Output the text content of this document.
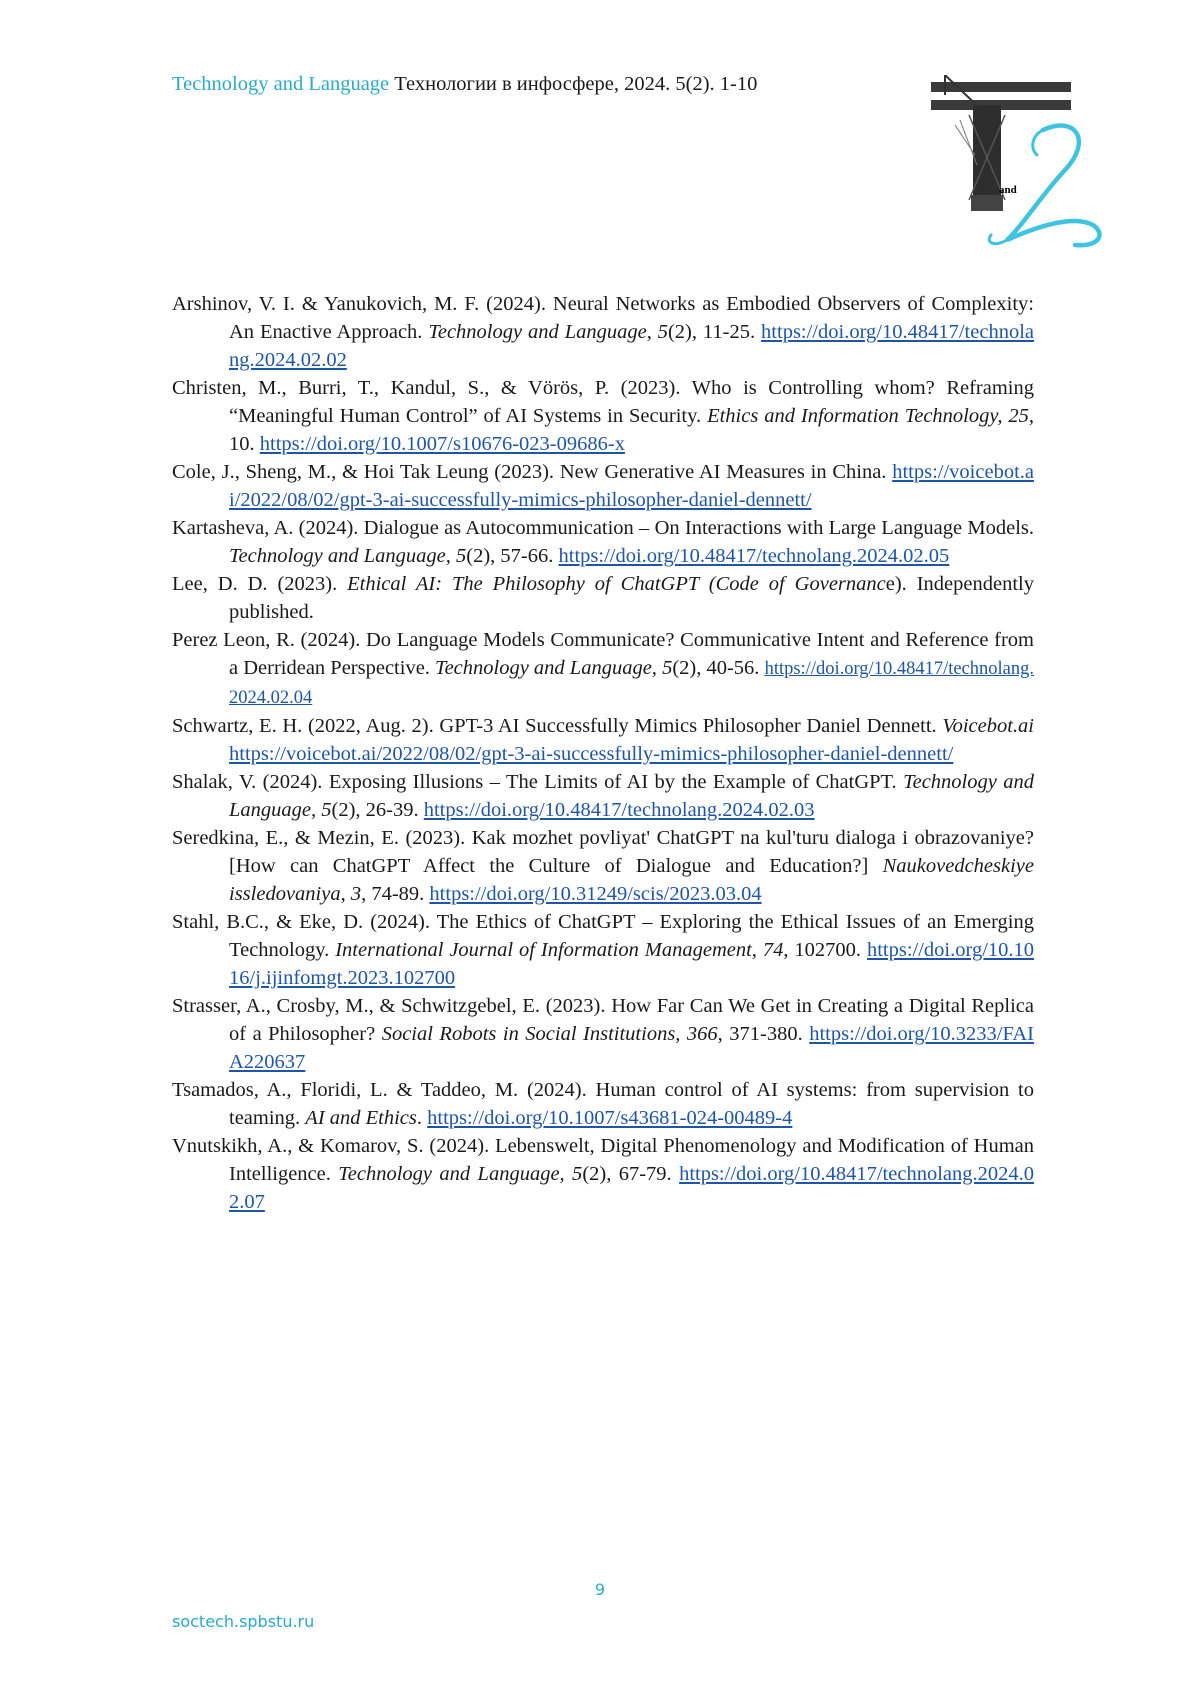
Technology and Language Технологии в инфосфере, 2024. 5(2). 1-10
and

Arshinov, V. I. & Yanukovich, M. F. (2024). Neural Networks as Embodied Observers of Complexity: An Enactive Approach. Technology and Language, 5(2), 11-25. https://doi.org/10.48417/technolang.2024.02.02

Christen, M., Burri, T., Kandul, S., & Vörös, P. (2023). Who is Controlling whom? Reframing “Meaningful Human Control” of AI Systems in Security. Ethics and Information Technology, 25, 10. https://doi.org/10.1007/s10676-023-09686-x

Cole, J., Sheng, M., & Hoi Tak Leung (2023). New Generative AI Measures in China. https://voicebot.ai/2022/08/02/gpt-3-ai-successfully-mimics-philosopher-daniel-dennett/

Kartasheva, A. (2024). Dialogue as Autocommunication – On Interactions with Large Language Models. Technology and Language, 5(2), 57-66. https://doi.org/10.48417/technolang.2024.02.05

Lee, D. D. (2023). Ethical AI: The Philosophy of ChatGPT (Code of Governance). Independently published.

Perez Leon, R. (2024). Do Language Models Communicate? Communicative Intent and Reference from a Derridean Perspective. Technology and Language, 5(2), 40-56. https://doi.org/10.48417/technolang.2024.02.04

Schwartz, E. H. (2022, Aug. 2). GPT-3 AI Successfully Mimics Philosopher Daniel Dennett. Voicebot.ai https://voicebot.ai/2022/08/02/gpt-3-ai-successfully-mimics-philosopher-daniel-dennett/

Shalak, V. (2024). Exposing Illusions – The Limits of AI by the Example of ChatGPT. Technology and Language, 5(2), 26-39. https://doi.org/10.48417/technolang.2024.02.03

Seredkina, E., & Mezin, E. (2023). Kak mozhet povliyat' ChatGPT na kul'turu dialoga i obrazovaniye? [How can ChatGPT Affect the Culture of Dialogue and Education?] Naukovedcheskiye issledovaniya, 3, 74-89. https://doi.org/10.31249/scis/2023.03.04

Stahl, B.C., & Eke, D. (2024). The Ethics of ChatGPT – Exploring the Ethical Issues of an Emerging Technology. International Journal of Information Management, 74, 102700. https://doi.org/10.1016/j.ijinfomgt.2023.102700

Strasser, A., Crosby, M., & Schwitzgebel, E. (2023). How Far Can We Get in Creating a Digital Replica of a Philosopher? Social Robots in Social Institutions, 366, 371-380. https://doi.org/10.3233/FAIA220637

Tsamados, A., Floridi, L. & Taddeo, M. (2024). Human control of AI systems: from supervision to teaming. AI and Ethics. https://doi.org/10.1007/s43681-024-00489-4

Vnutskikh, A., & Komarov, S. (2024). Lebenswelt, Digital Phenomenology and Modification of Human Intelligence. Technology and Language, 5(2), 67-79. https://doi.org/10.48417/technolang.2024.02.07

9
soctech.spbstu.ru
